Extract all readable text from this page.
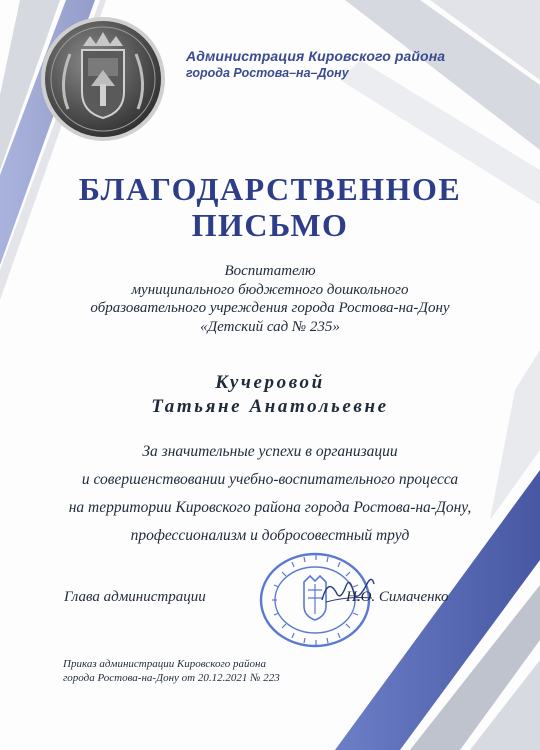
Администрация Кировского района
города Ростова–на–Дону
БЛАГОДАРСТВЕННОЕ
ПИСЬМО
Воспитателю
муниципального бюджетного дошкольного
образовательного учреждения города Ростова-на-Дону
«Детский сад № 235»
Кучеровой
Татьяне Анатольевне
За значительные успехи в организации
и совершенствовании учебно-воспитательного процесса
на территории Кировского района города Ростова-на-Дону,
профессионализм и добросовестный труд
Глава администрации	Н.О. Симаченко
Приказ администрации Кировского района
города Ростова-на-Дону от 20.12.2021 № 223
